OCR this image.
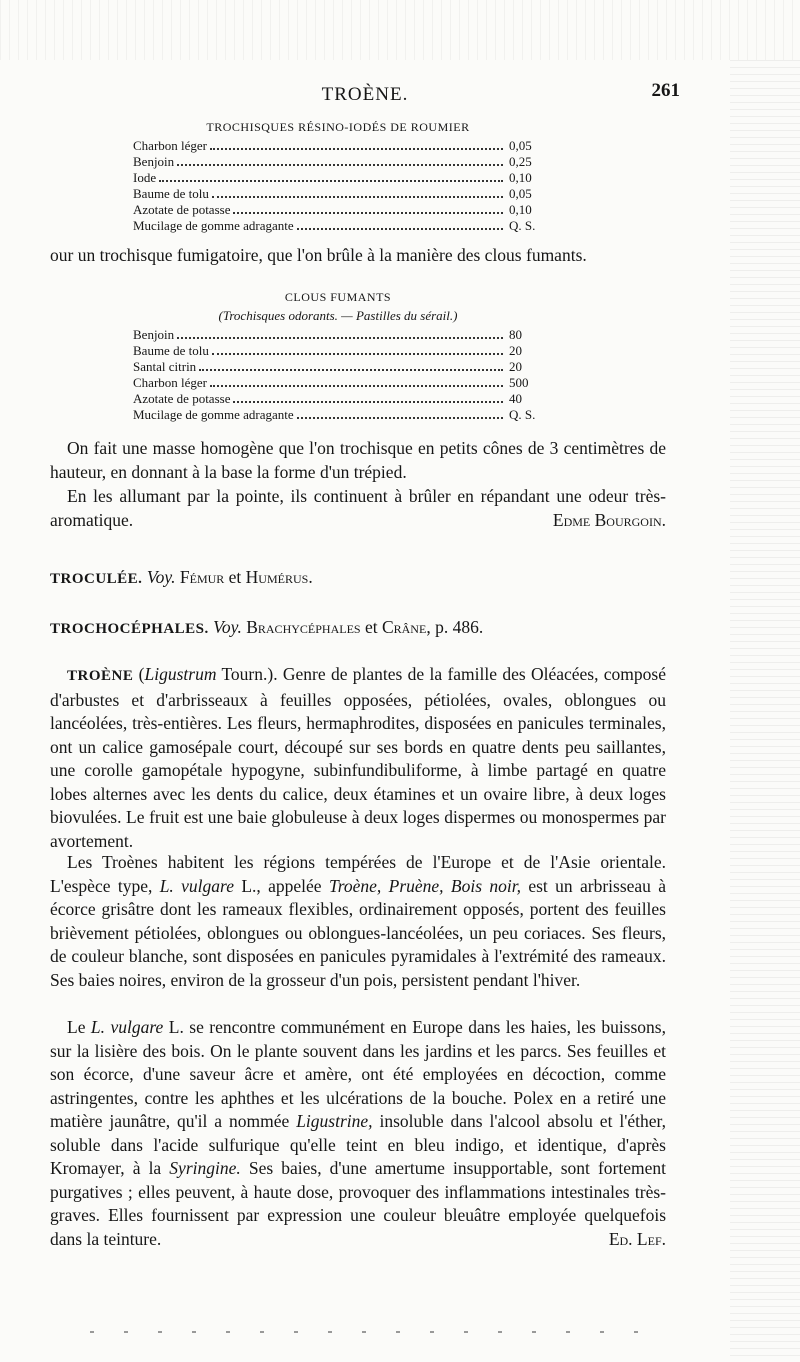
TROÈNE.	261
TROCHISQUES RÉSINO-IODÉS DE ROUMIER
Charbon léger	0,05
Benjoin	0,25
Iode	0,10
Baume de tolu	0,05
Azotate de potasse	0,10
Mucilage de gomme adragante	Q. S.
our un trochisque fumigatoire, que l'on brûle à la manière des clous fumants.
CLOUS FUMANTS
(Trochisques odorants. — Pastilles du sérail.)
Benjoin	80
Baume de tolu	20
Santal citrin	20
Charbon léger	500
Azotate de potasse	40
Mucilage de gomme adragante	Q. S.
On fait une masse homogène que l'on trochisque en petits cônes de 3 centimètres de hauteur, en donnant à la base la forme d'un trépied.
En les allumant par la pointe, ils continuent à brûler en répandant une odeur très-aromatique.	Edme Bourgoin.
TROCULÉE. Voy. Fémur et Humérus.
TROCHOCÉPHALES. Voy. Brachycéphales et Crâne, p. 486.
TROÈNE (Ligustrum Tourn.). Genre de plantes de la famille des Oléacées, composé d'arbustes et d'arbrisseaux à feuilles opposées, pétiolées, ovales, oblongues ou lancéolées, très-entières. Les fleurs, hermaphrodites, disposées en panicules terminales, ont un calice gamosépale court, découpé sur ses bords en quatre dents peu saillantes, une corolle gamopétale hypogyne, subinfundibuliforme, à limbe partagé en quatre lobes alternes avec les dents du calice, deux étamines et un ovaire libre, à deux loges biovulées. Le fruit est une baie globuleuse à deux loges dispermes ou monospermes par avortement.
Les Troènes habitent les régions tempérées de l'Europe et de l'Asie orientale. L'espèce type, L. vulgare L., appelée Troène, Pruène, Bois noir, est un arbrisseau à écorce grisâtre dont les rameaux flexibles, ordinairement opposés, portent des feuilles brièvement pétiolées, oblongues ou oblongues-lancéolées, un peu coriaces. Ses fleurs, de couleur blanche, sont disposées en panicules pyramidales à l'extrémité des rameaux. Ses baies noires, environ de la grosseur d'un pois, persistent pendant l'hiver.
Le L. vulgare L. se rencontre communément en Europe dans les haies, les buissons, sur la lisière des bois. On le plante souvent dans les jardins et les parcs. Ses feuilles et son écorce, d'une saveur âcre et amère, ont été employées en décoction, comme astringentes, contre les aphthes et les ulcérations de la bouche. Polex en a retiré une matière jaunâtre, qu'il a nommée Ligustrine, insoluble dans l'alcool absolu et l'éther, soluble dans l'acide sulfurique qu'elle teint en bleu indigo, et identique, d'après Kromayer, à la Syringine. Ses baies, d'une amertume insupportable, sont fortement purgatives ; elles peuvent, à haute dose, provoquer des inflammations intestinales très-graves. Elles fournissent par expression une couleur bleuâtre employée quelquefois dans la teinture.	Ed. Lef.
